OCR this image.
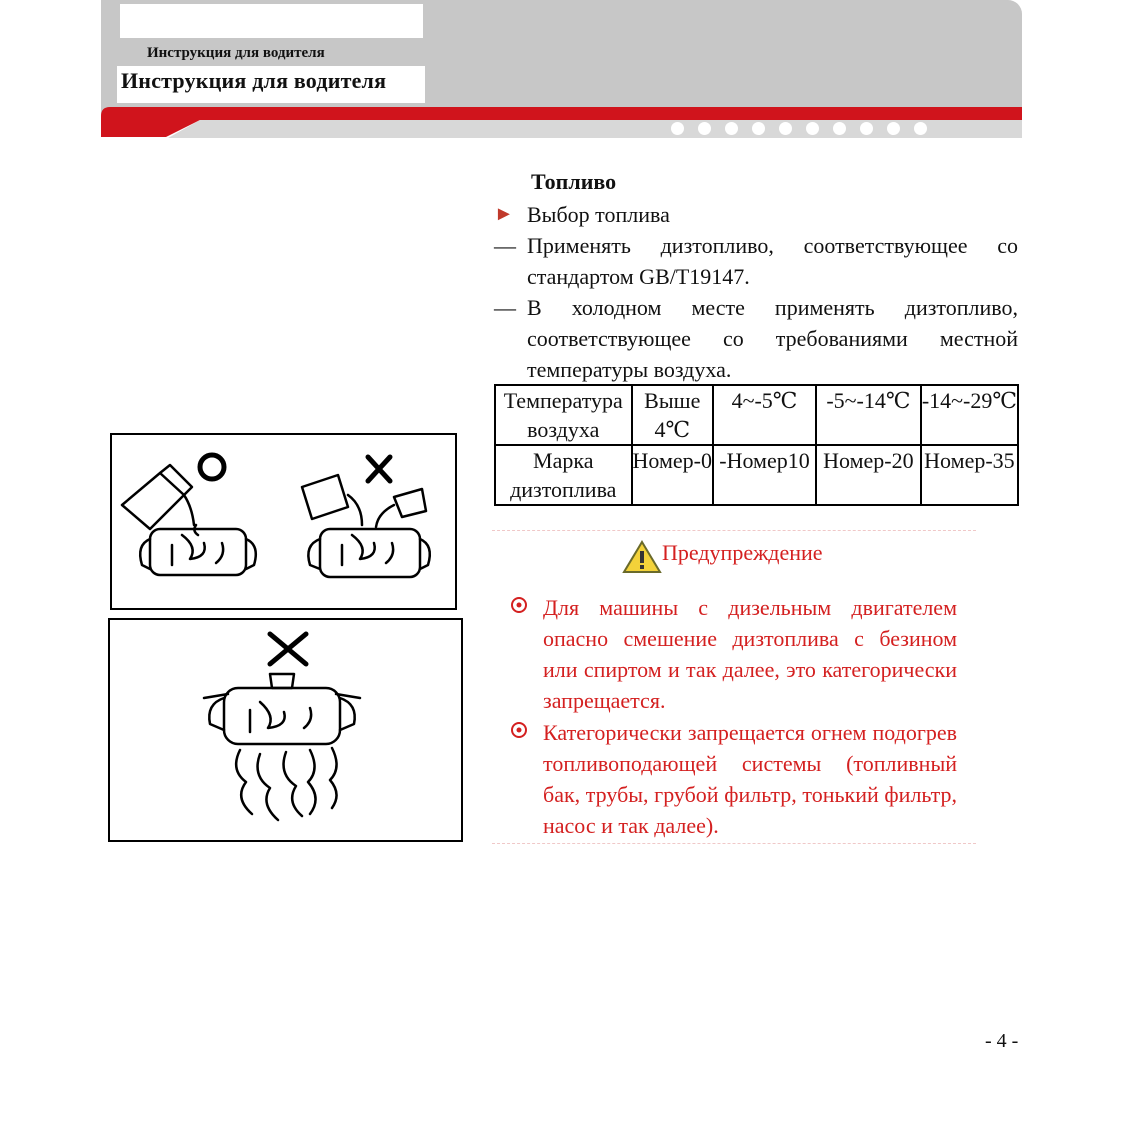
Инструкция для водителя
Инструкция для водителя
Топливо
► Выбор топлива
— Применять дизтопливо, соответствующее со стандартом GB/T19147.
— В холодном месте применять дизтопливо, соответствующее со требованиями местной температуры воздуха.
Температура воздуха	Выше 4℃	4~-5℃	-5~-14℃	-14~-29℃
Марка дизтоплива	Номер-0	-Номер10	Номер-20	Номер-35
Предупреждение
Для машины с дизельным двигателем опасно смешение дизтоплива с безином или спиртом и так далее, это категорически запрещается.
Категорически запрещается огнем подогрев топливоподающей системы (топливный бак, трубы, грубой фильтр, тонький фильтр, насос и так далее).
- 4 -
